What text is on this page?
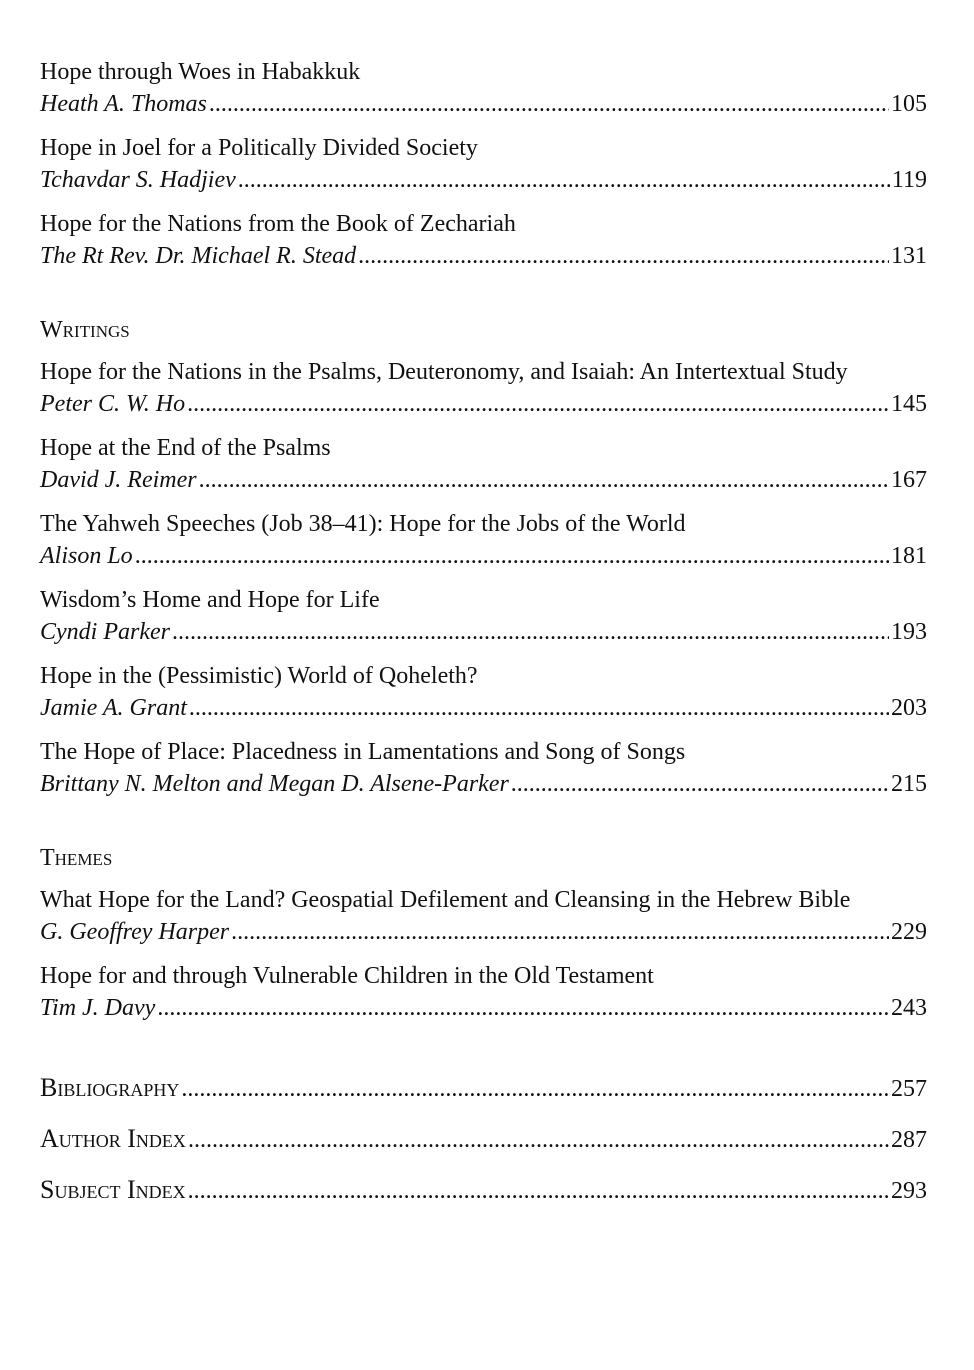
Hope through Woes in Habakkuk
Heath A. Thomas .....	105
Hope in Joel for a Politically Divided Society
Tchavdar S. Hadjiev .....	119
Hope for the Nations from the Book of Zechariah
The Rt Rev. Dr. Michael R. Stead .....	131
Writings
Hope for the Nations in the Psalms, Deuteronomy, and Isaiah: An Intertextual Study
Peter C. W. Ho .....	145
Hope at the End of the Psalms
David J. Reimer .....	167
The Yahweh Speeches (Job 38–41): Hope for the Jobs of the World
Alison Lo .....	181
Wisdom’s Home and Hope for Life
Cyndi Parker .....	193
Hope in the (Pessimistic) World of Qoheleth?
Jamie A. Grant .....	203
The Hope of Place: Placedness in Lamentations and Song of Songs
Brittany N. Melton and Megan D. Alsene-Parker .....	215
Themes
What Hope for the Land? Geospatial Defilement and Cleansing in the Hebrew Bible
G. Geoffrey Harper .....	229
Hope for and through Vulnerable Children in the Old Testament
Tim J. Davy .....	243
Bibliography .....	257
Author Index .....	287
Subject Index .....	293
